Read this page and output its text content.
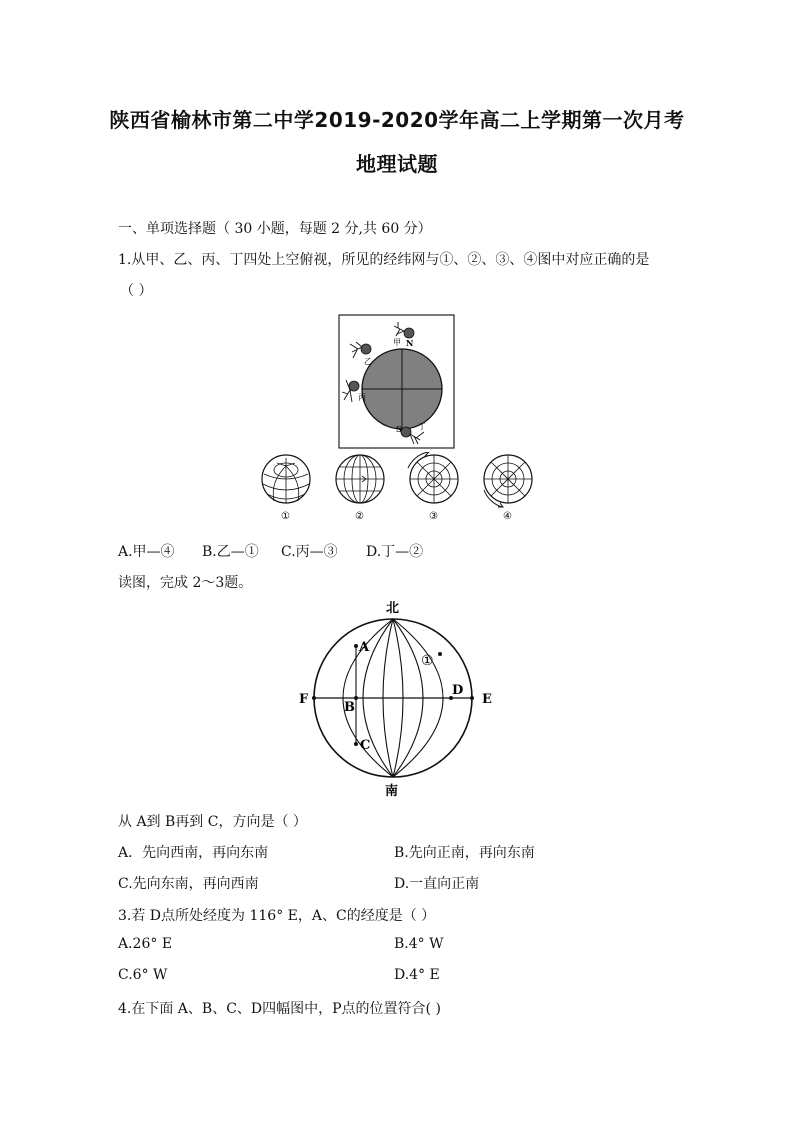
陕西省榆林市第二中学2019-2020学年高二上学期第一次月考
地理试题
一、单项选择题（ 30 小题，每题 2 分,共 60 分）
1.从甲、乙、丙、丁四处上空俯视，所见的经纬网与①、②、③、④图中对应正确的是
（ ）
甲 N
乙
丙
S 丁
①	②	③	④
A.甲—④ B.乙—① C.丙—③ D.丁—②
读图，完成 2～3题。
北
南
F	E
A
B
C
D
①
从 A到 B再到 C，方向是（ ）
A．先向西南，再向东南	B.先向正南，再向东南
C.先向东南，再向西南	D.一直向正南
3.若 D点所处经度为 116° E，A、C的经度是（ ）
A.26° E	B.4° W
C.6° W	D.4° E
4.在下面 A、B、C、D四幅图中，P点的位置符合( )
